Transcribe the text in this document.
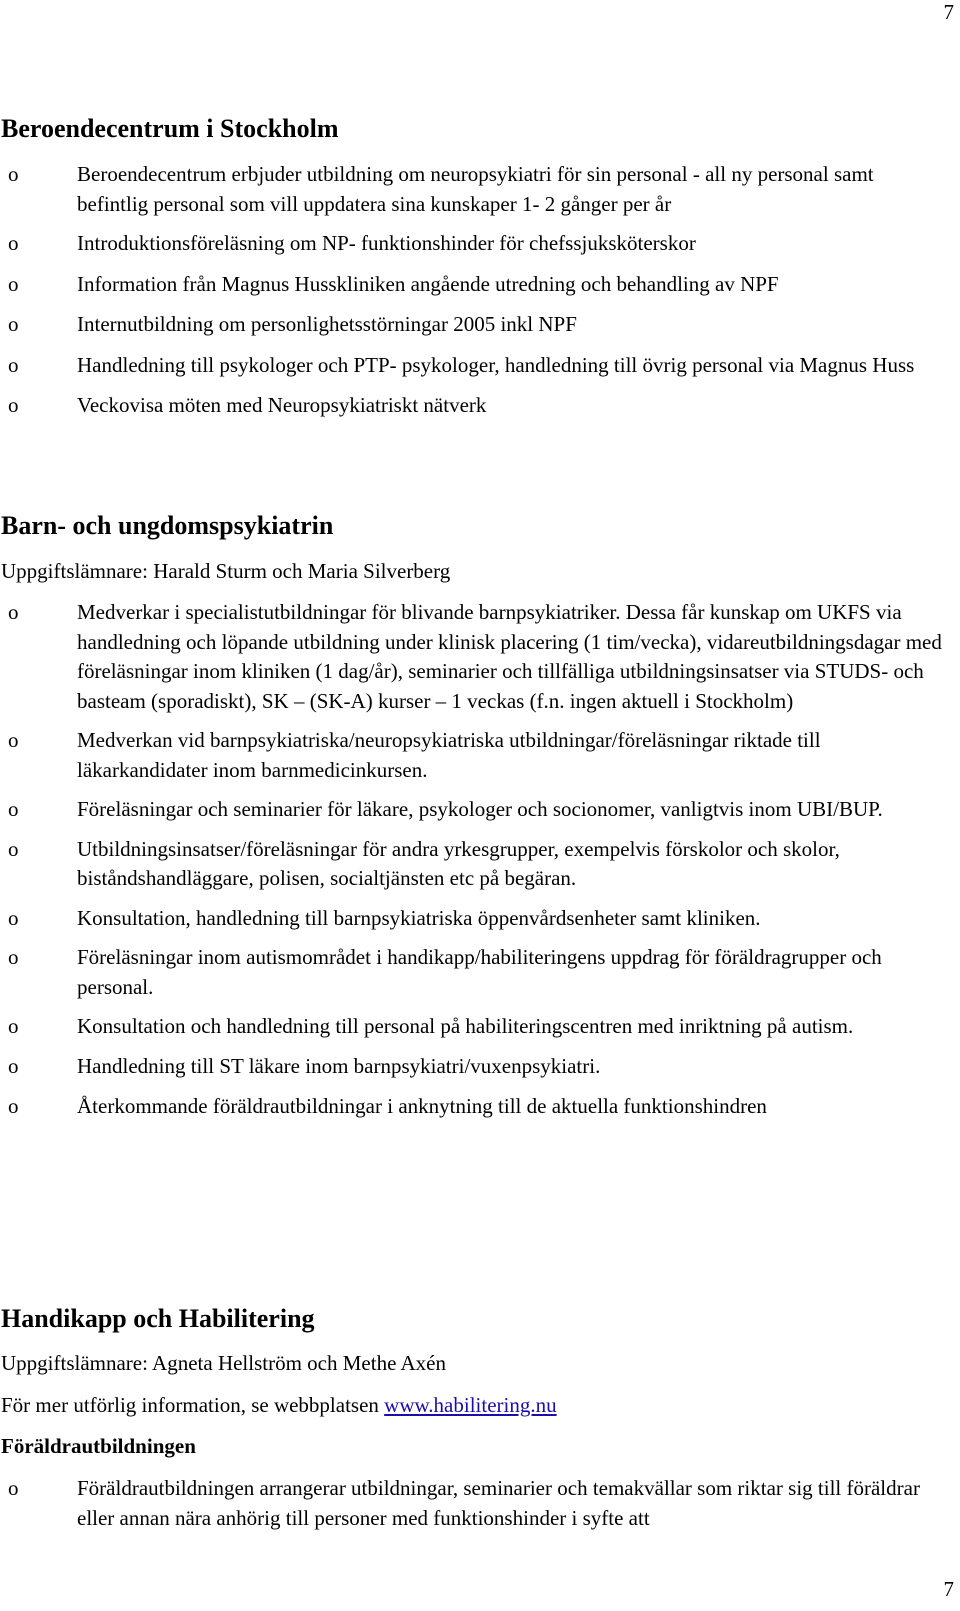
7
Beroendecentrum i Stockholm
o	Beroendecentrum erbjuder utbildning om neuropsykiatri för sin personal - all ny personal samt befintlig personal som vill uppdatera sina kunskaper 1- 2 gånger per år
o	Introduktionsföreläsning om NP- funktionshinder för chefssjuksköterskor
o	Information från Magnus Husskliniken angående utredning och behandling av NPF
o	Internutbildning om personlighetsstörningar 2005 inkl NPF
o	Handledning till psykologer och PTP- psykologer, handledning till övrig personal via Magnus Huss
o	Veckovisa möten med Neuropsykiatriskt nätverk
Barn- och ungdomspsykiatrin

Uppgiftslämnare: Harald Sturm och Maria Silverberg

o	Medverkar i specialistutbildningar för blivande barnpsykiatriker. Dessa får kunskap om UKFS via handledning och löpande utbildning under klinisk placering (1 tim/vecka), vidareutbildningsdagar med föreläsningar inom kliniken (1 dag/år), seminarier och tillfälliga utbildningsinsatser via STUDS- och basteam (sporadiskt), SK – (SK-A) kurser – 1 veckas (f.n. ingen aktuell i Stockholm)
o	Medverkan vid barnpsykiatriska/neuropsykiatriska utbildningar/föreläsningar riktade till läkarkandidater inom barnmedicinkursen.
o	Föreläsningar och seminarier för läkare, psykologer och socionomer, vanligtvis inom UBI/BUP.
o	Utbildningsinsatser/föreläsningar för andra yrkesgrupper, exempelvis förskolor och skolor, biståndshandläggare, polisen, socialtjänsten etc på begäran.
o	Konsultation, handledning till barnpsykiatriska öppenvårdsenheter samt kliniken.
o	Föreläsningar inom autismområdet i handikapp/habiliteringens uppdrag för föräldragrupper och personal.
o	Konsultation och handledning till personal på habiliteringscentren med inriktning på autism.
o	Handledning till ST läkare inom barnpsykiatri/vuxenpsykiatri.
o	Återkommande föräldrautbildningar i anknytning till de aktuella funktionshindren
Handikapp och Habilitering

Uppgiftslämnare: Agneta Hellström och Methe Axén

För mer utförlig information, se webbplatsen www.habilitering.nu

Föräldrautbildningen

o	Föräldrautbildningen arrangerar utbildningar, seminarier och temakvällar som riktar sig till föräldrar eller annan nära anhörig till personer med funktionshinder i syfte att
7
